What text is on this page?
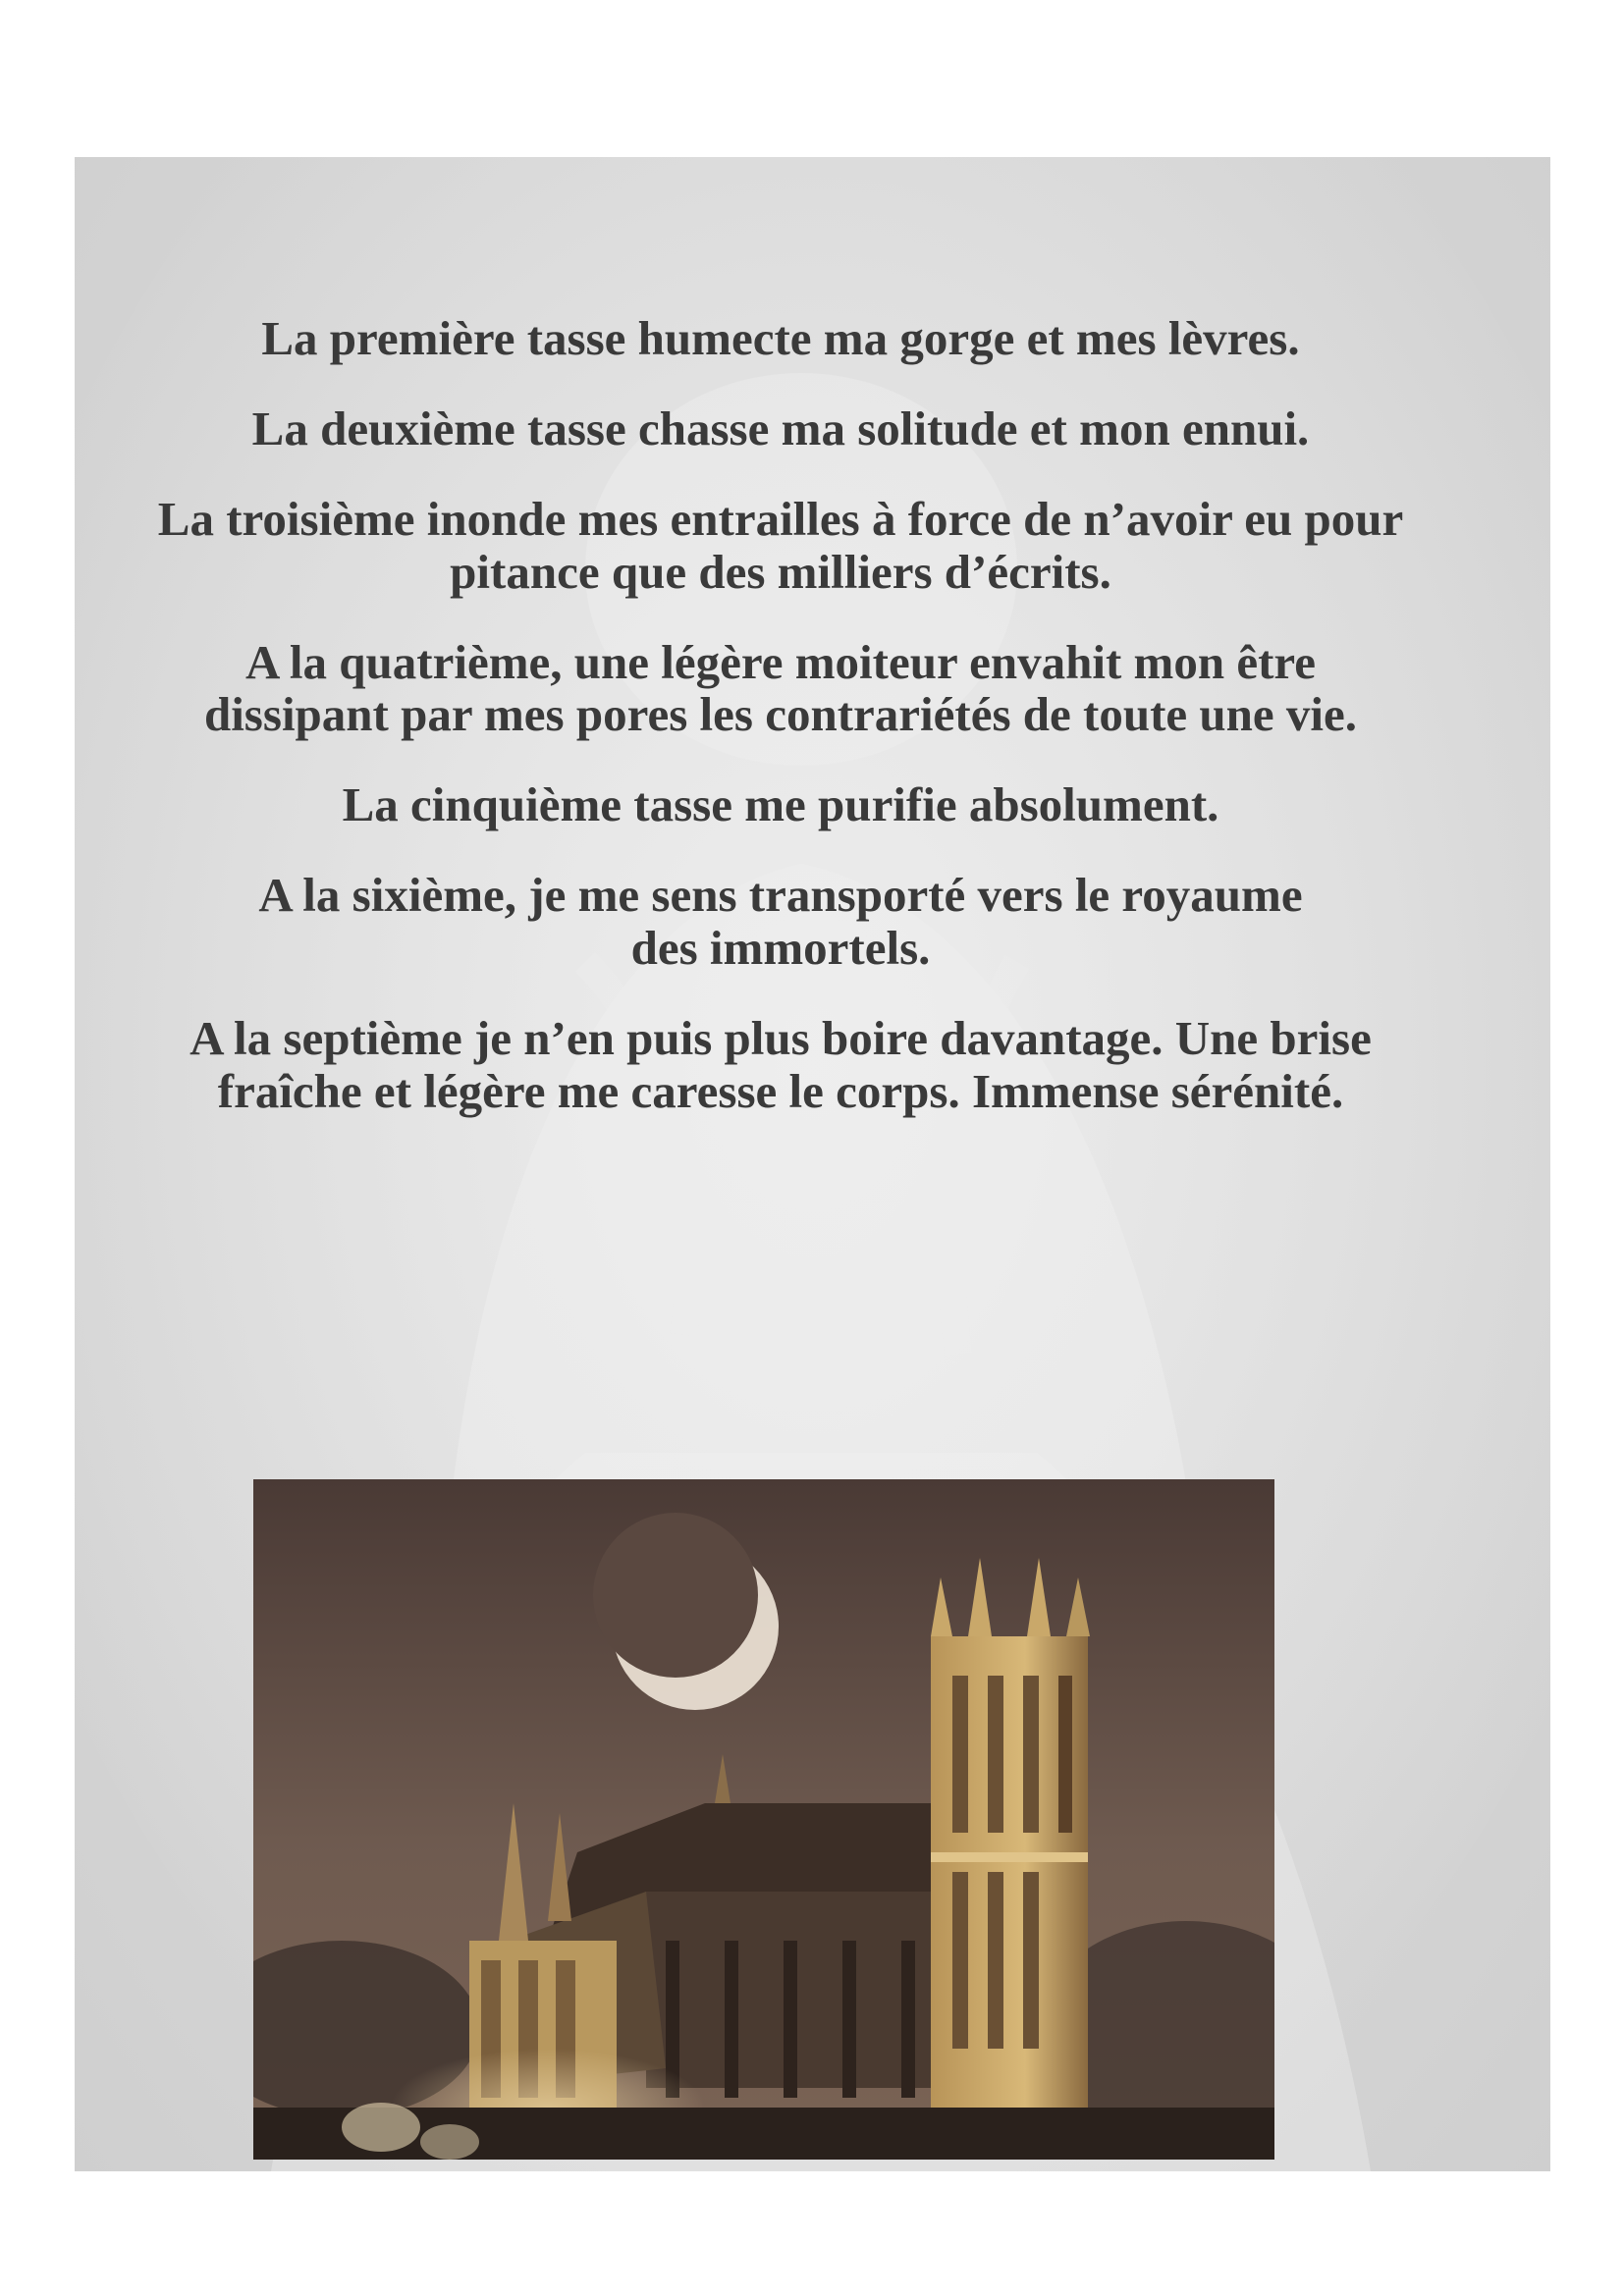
La première tasse humecte ma gorge et mes lèvres.

La deuxième tasse chasse ma solitude et mon ennui.

La troisième inonde mes entrailles à force de n’avoir eu pour
pitance que des milliers d’écrits.

A la quatrième, une légère moiteur envahit mon être
dissipant par mes pores les contrariétés de toute une vie.

La cinquième tasse me purifie absolument.

A la sixième, je me sens transporté vers le royaume
des immortels.

A la septième je n’en puis plus boire davantage. Une brise
fraîche et légère me caresse le corps. Immense sérénité.
